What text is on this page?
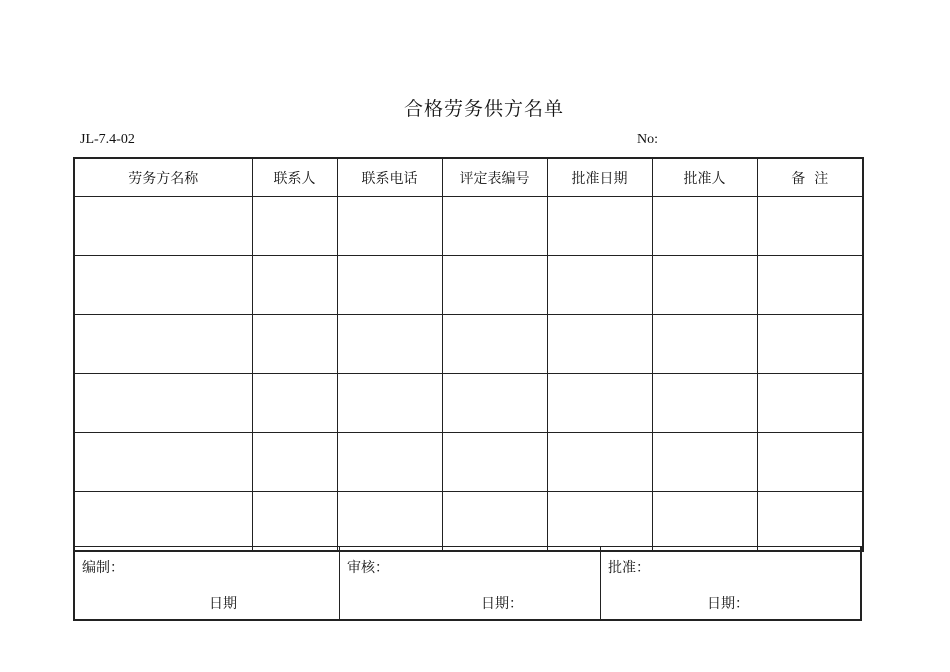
合格劳务供方名单
JL-7.4-02	No:
劳务方名称	联系人	联系电话	评定表编号	批准日期	批准人	备  注

编制：
日期
审核：
日期：
批准：
日期：
